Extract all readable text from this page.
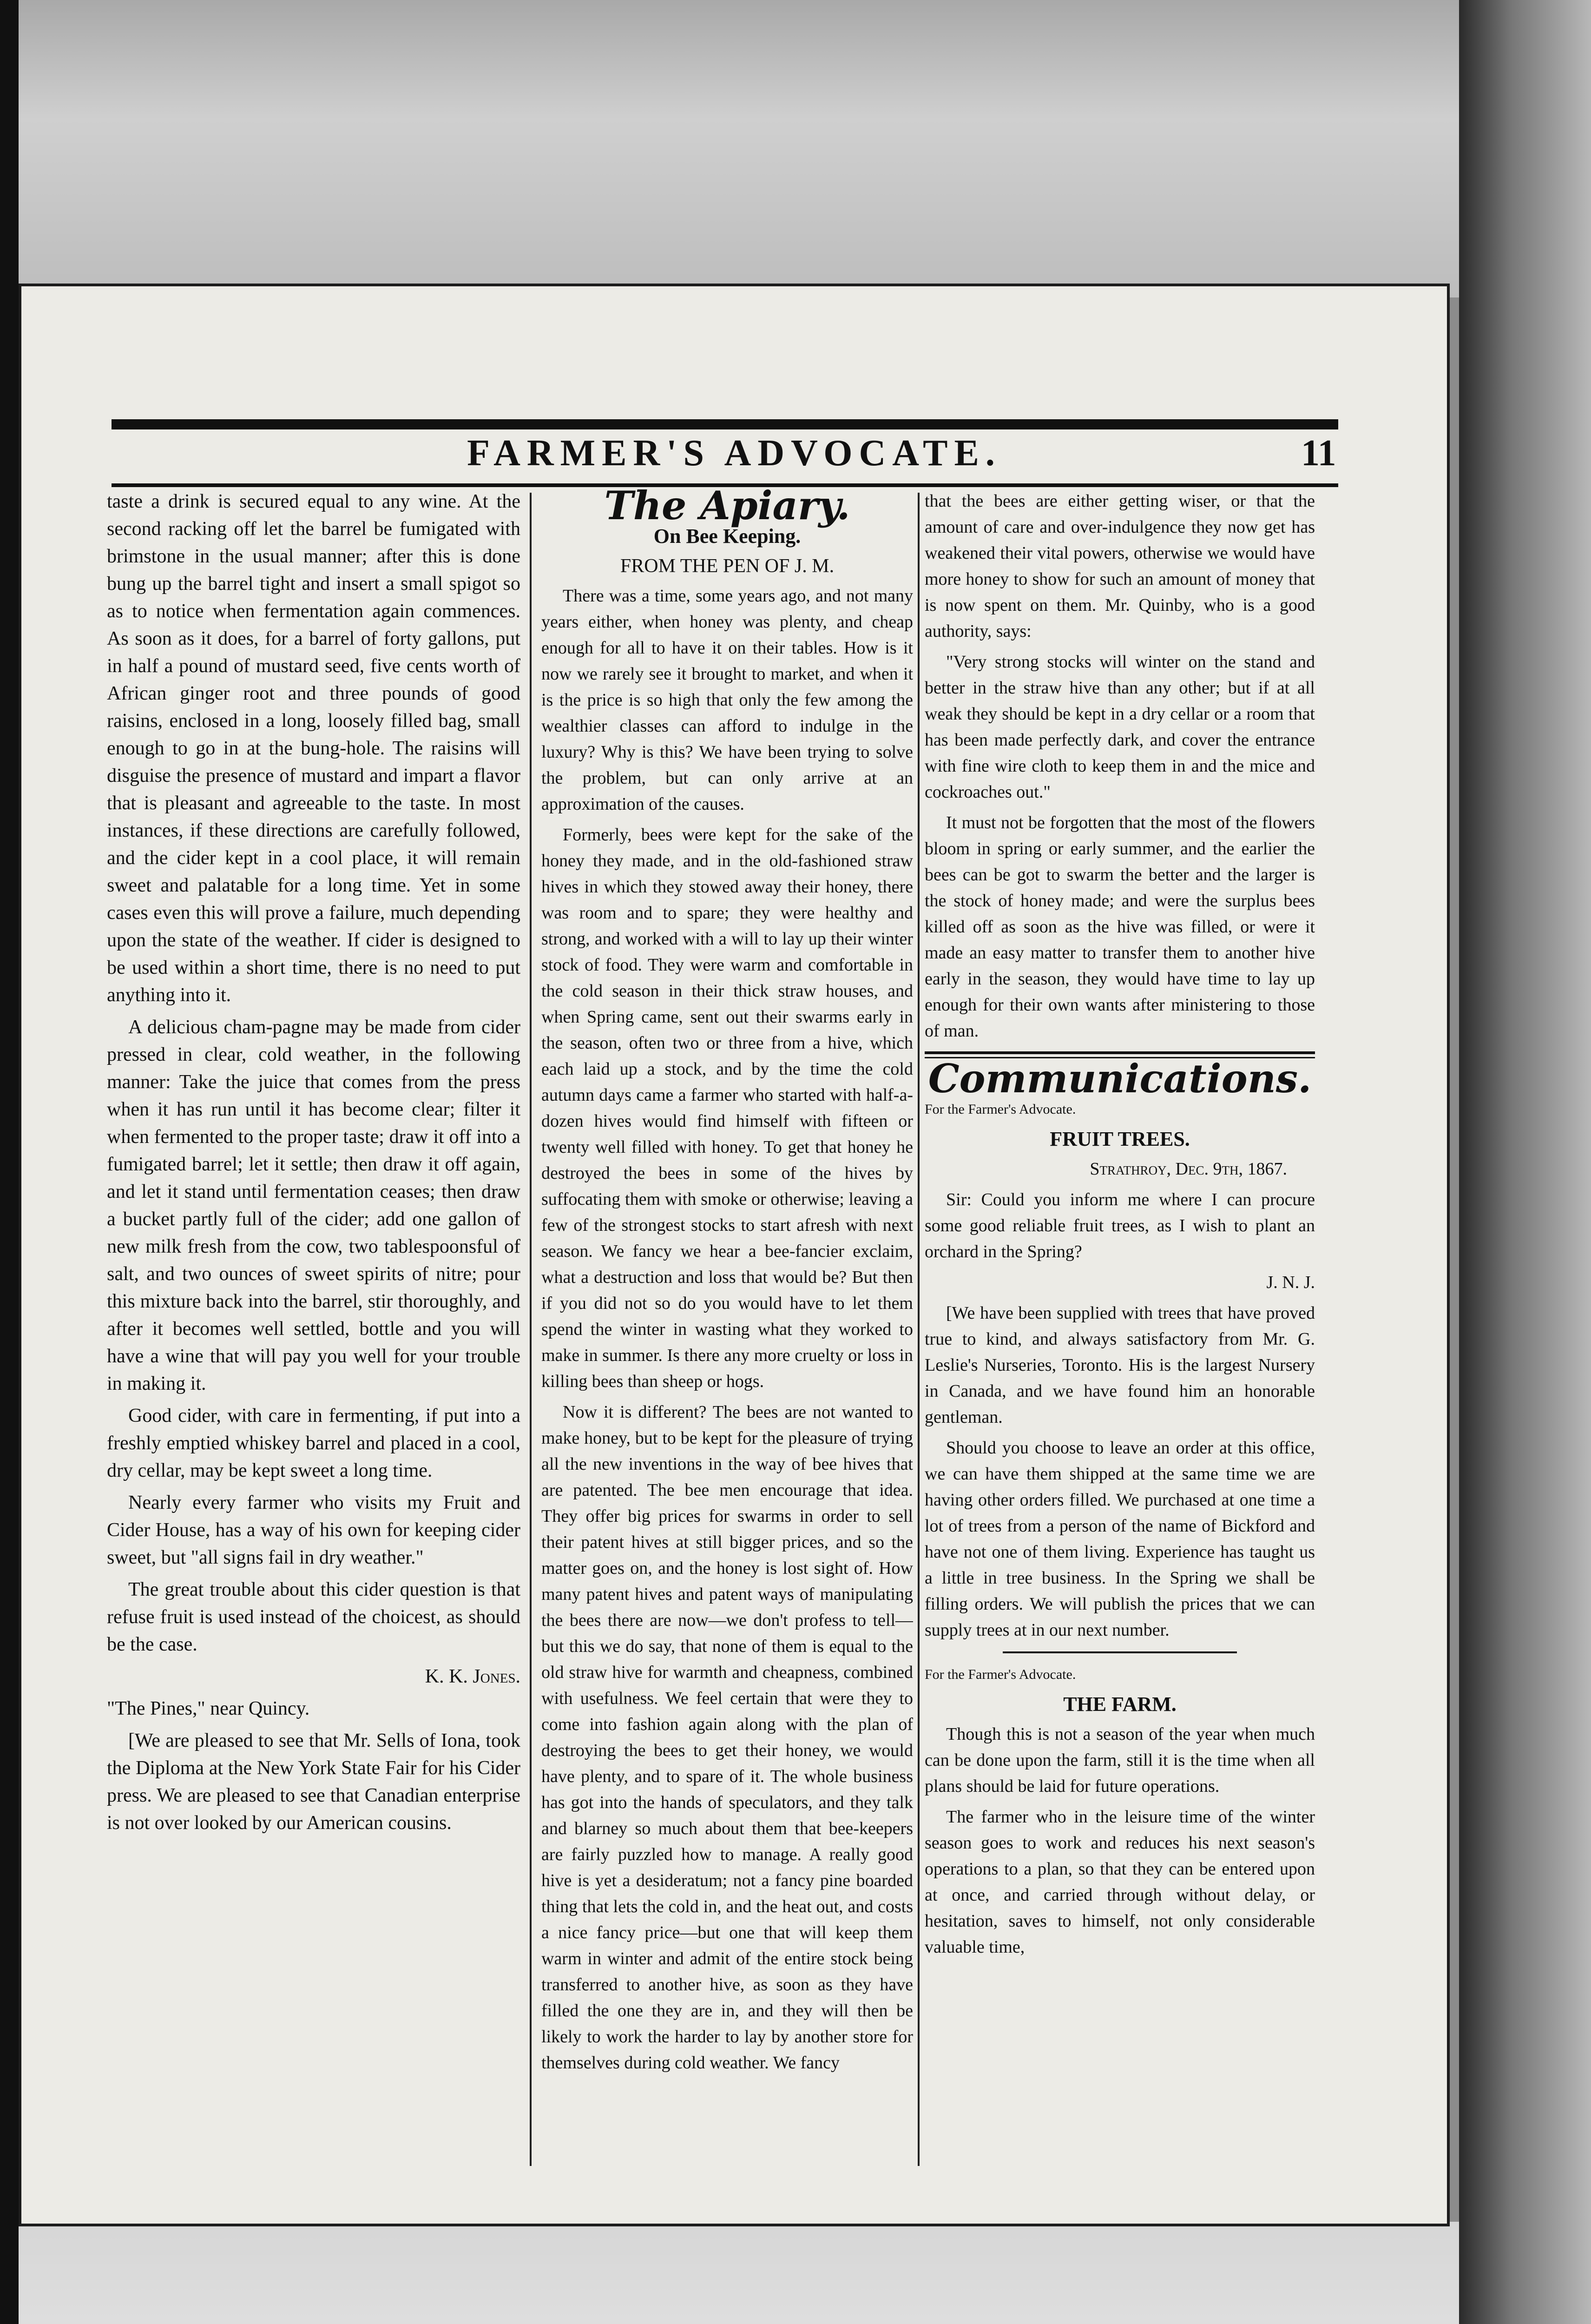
FARMER'S ADVOCATE.	11

taste a drink is secured equal to any wine. At the second racking off let the barrel be fumigated with brimstone in the usual manner; after this is done bung up the barrel tight and insert a small spigot so as to notice when fermentation again commences. As soon as it does, for a barrel of forty gallons, put in half a pound of mustard seed, five cents worth of African ginger root and three pounds of good raisins, enclosed in a long, loosely filled bag, small enough to go in at the bung-hole. The raisins will disguise the presence of mustard and impart a flavor that is pleasant and agreeable to the taste. In most instances, if these directions are carefully followed, and the cider kept in a cool place, it will remain sweet and palatable for a long time. Yet in some cases even this will prove a failure, much depending upon the state of the weather. If cider is designed to be used within a short time, there is no need to put anything into it.

A delicious cham-pagne may be made from cider pressed in clear, cold weather, in the following manner: Take the juice that comes from the press when it has run until it has become clear; filter it when fermented to the proper taste; draw it off into a fumigated barrel; let it settle; then draw it off again, and let it stand until fermentation ceases; then draw a bucket partly full of the cider; add one gallon of new milk fresh from the cow, two tablespoonsful of salt, and two ounces of sweet spirits of nitre; pour this mixture back into the barrel, stir thoroughly, and after it becomes well settled, bottle and you will have a wine that will pay you well for your trouble in making it.

Good cider, with care in fermenting, if put into a freshly emptied whiskey barrel and placed in a cool, dry cellar, may be kept sweet a long time.

Nearly every farmer who visits my Fruit and Cider House, has a way of his own for keeping cider sweet, but "all signs fail in dry weather."

The great trouble about this cider question is that refuse fruit is used instead of the choicest, as should be the case.

K. K. Jones.

"The Pines," near Quincy.

[We are pleased to see that Mr. Sells of Iona, took the Diploma at the New York State Fair for his Cider press. We are pleased to see that Canadian enterprise is not over looked by our American cousins.

The Apiary.
On Bee Keeping.
FROM THE PEN OF J. M.

There was a time, some years ago, and not many years either, when honey was plenty, and cheap enough for all to have it on their tables. How is it now we rarely see it brought to market, and when it is the price is so high that only the few among the wealthier classes can afford to indulge in the luxury? Why is this? We have been trying to solve the problem, but can only arrive at an approximation of the causes.

Formerly, bees were kept for the sake of the honey they made, and in the old-fashioned straw hives in which they stowed away their honey, there was room and to spare; they were healthy and strong, and worked with a will to lay up their winter stock of food. They were warm and comfortable in the cold season in their thick straw houses, and when Spring came, sent out their swarms early in the season, often two or three from a hive, which each laid up a stock, and by the time the cold autumn days came a farmer who started with half-a-dozen hives would find himself with fifteen or twenty well filled with honey. To get that honey he destroyed the bees in some of the hives by suffocating them with smoke or otherwise; leaving a few of the strongest stocks to start afresh with next season. We fancy we hear a bee-fancier exclaim, what a destruction and loss that would be? But then if you did not so do you would have to let them spend the winter in wasting what they worked to make in summer. Is there any more cruelty or loss in killing bees than sheep or hogs.

Now it is different? The bees are not wanted to make honey, but to be kept for the pleasure of trying all the new inventions in the way of bee hives that are patented. The bee men encourage that idea. They offer big prices for swarms in order to sell their patent hives at still bigger prices, and so the matter goes on, and the honey is lost sight of. How many patent hives and patent ways of manipulating the bees there are now—we don't profess to tell—but this we do say, that none of them is equal to the old straw hive for warmth and cheapness, combined with usefulness. We feel certain that were they to come into fashion again along with the plan of destroying the bees to get their honey, we would have plenty, and to spare of it. The whole business has got into the hands of speculators, and they talk and blarney so much about them that bee-keepers are fairly puzzled how to manage. A really good hive is yet a desideratum; not a fancy pine boarded thing that lets the cold in, and the heat out, and costs a nice fancy price—but one that will keep them warm in winter and admit of the entire stock being transferred to another hive, as soon as they have filled the one they are in, and they will then be likely to work the harder to lay by another store for themselves during cold weather. We fancy

that the bees are either getting wiser, or that the amount of care and over-indulgence they now get has weakened their vital powers, otherwise we would have more honey to show for such an amount of money that is now spent on them. Mr. Quinby, who is a good authority, says:

"Very strong stocks will winter on the stand and better in the straw hive than any other; but if at all weak they should be kept in a dry cellar or a room that has been made perfectly dark, and cover the entrance with fine wire cloth to keep them in and the mice and cockroaches out."

It must not be forgotten that the most of the flowers bloom in spring or early summer, and the earlier the bees can be got to swarm the better and the larger is the stock of honey made; and were the surplus bees killed off as soon as the hive was filled, or were it made an easy matter to transfer them to another hive early in the season, they would have time to lay up enough for their own wants after ministering to those of man.

Communications.
For the Farmer's Advocate.
FRUIT TREES.

Strathroy, Dec. 9th, 1867.

Sir: Could you inform me where I can procure some good reliable fruit trees, as I wish to plant an orchard in the Spring?

J. N. J.

[We have been supplied with trees that have proved true to kind, and always satisfactory from Mr. G. Leslie's Nurseries, Toronto. His is the largest Nursery in Canada, and we have found him an honorable gentleman.

Should you choose to leave an order at this office, we can have them shipped at the same time we are having other orders filled. We purchased at one time a lot of trees from a person of the name of Bickford and have not one of them living. Experience has taught us a little in tree business. In the Spring we shall be filling orders. We will publish the prices that we can supply trees at in our next number.

For the Farmer's Advocate.
THE FARM.

Though this is not a season of the year when much can be done upon the farm, still it is the time when all plans should be laid for future operations.

The farmer who in the leisure time of the winter season goes to work and reduces his next season's operations to a plan, so that they can be entered upon at once, and carried through without delay, or hesitation, saves to himself, not only considerable valuable time,
